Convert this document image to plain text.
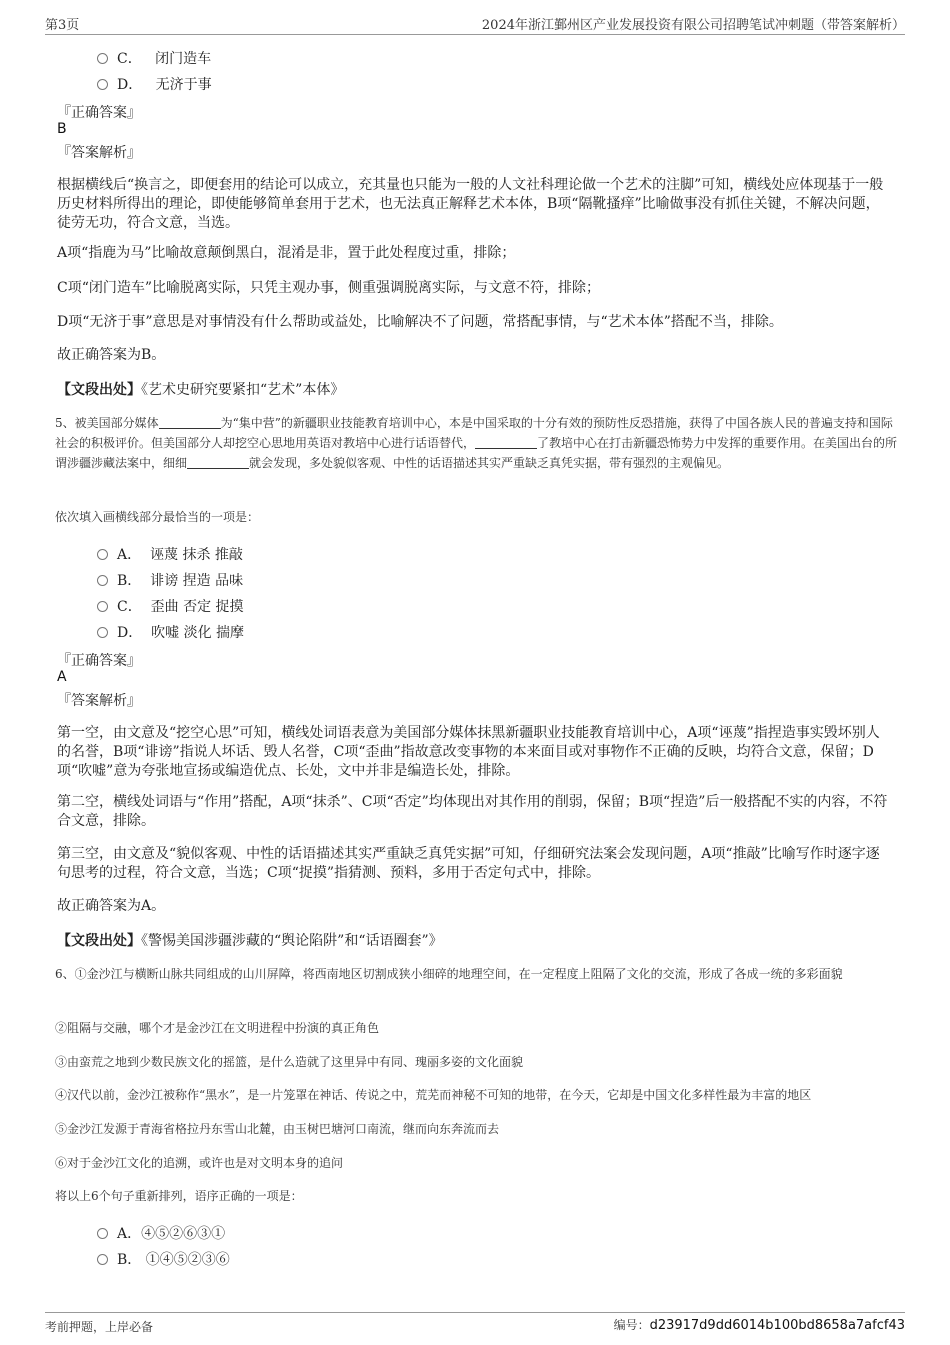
第3页	2024年浙江鄞州区产业发展投资有限公司招聘笔试冲刺题（带答案解析）
C． 闭门造车
D． 无济于事
『正确答案』
B
『答案解析』
根据横线后“换言之，即便套用的结论可以成立，充其量也只能为一般的人文社科理论做一个艺术的注脚”可知，横线处应体现基于一般历史材料所得出的理论，即使能够简单套用于艺术，也无法真正解释艺术本体，B项“隔靴搔痒”比喻做事没有抓住关键，不解决问题，徒劳无功，符合文意，当选。
A项“指鹿为马”比喻故意颠倒黑白，混淆是非，置于此处程度过重，排除；
C项“闭门造车”比喻脱离实际，只凭主观办事，侧重强调脱离实际，与文意不符，排除；
D项“无济于事”意思是对事情没有什么帮助或益处，比喻解决不了问题，常搭配事情，与“艺术本体”搭配不当，排除。
故正确答案为B。
【文段出处】《艺术史研究要紧扣“艺术”本体》
5、被美国部分媒体	为“集中营”的新疆职业技能教育培训中心，本是中国采取的十分有效的预防性反恐措施，获得了中国各族人民的普遍支持和国际社会的积极评价。但美国部分人却挖空心思地用英语对教培中心进行话语替代，	了教培中心在打击新疆恐怖势力中发挥的重要作用。在美国出台的所谓涉疆涉藏法案中，细细	就会发现，多处貌似客观、中性的话语描述其实严重缺乏真凭实据，带有强烈的主观偏见。
依次填入画横线部分最恰当的一项是：
A． 诬蔑 抹杀 推敲
B． 诽谤 捏造 品味
C． 歪曲 否定 捉摸
D． 吹嘘 淡化 揣摩
『正确答案』
A
『答案解析』
第一空，由文意及“挖空心思”可知，横线处词语表意为美国部分媒体抹黑新疆职业技能教育培训中心，A项“诬蔑”指捏造事实毁坏别人的名誉，B项“诽谤”指说人坏话、毁人名誉，C项“歪曲”指故意改变事物的本来面目或对事物作不正确的反映，均符合文意，保留；D项“吹嘘”意为夸张地宣扬或编造优点、长处，文中并非是编造长处，排除。
第二空，横线处词语与“作用”搭配，A项“抹杀”、C项“否定”均体现出对其作用的削弱，保留；B项“捏造”后一般搭配不实的内容，不符合文意，排除。
第三空，由文意及“貌似客观、中性的话语描述其实严重缺乏真凭实据”可知，仔细研究法案会发现问题，A项“推敲”比喻写作时逐字逐句思考的过程，符合文意，当选；C项“捉摸”指猜测、预料，多用于否定句式中，排除。
故正确答案为A。
【文段出处】《警惕美国涉疆涉藏的“舆论陷阱”和“话语圈套”》
6、①金沙江与横断山脉共同组成的山川屏障，将西南地区切割成狭小细碎的地理空间，在一定程度上阻隔了文化的交流，形成了各成一统的多彩面貌
②阻隔与交融，哪个才是金沙江在文明进程中扮演的真正角色
③由蛮荒之地到少数民族文化的摇篮，是什么造就了这里异中有同、瑰丽多姿的文化面貌
④汉代以前，金沙江被称作“黑水”，是一片笼罩在神话、传说之中，荒芜而神秘不可知的地带，在今天，它却是中国文化多样性最为丰富的地区
⑤金沙江发源于青海省格拉丹东雪山北麓，由玉树巴塘河口南流，继而向东奔流而去
⑥对于金沙江文化的追溯，或许也是对文明本身的追问
将以上6个句子重新排列，语序正确的一项是：
A．④⑤②⑥③①
B． ①④⑤②③⑥
考前押题，上岸必备	编号：d23917d9dd6014b100bd8658a7afcf43
